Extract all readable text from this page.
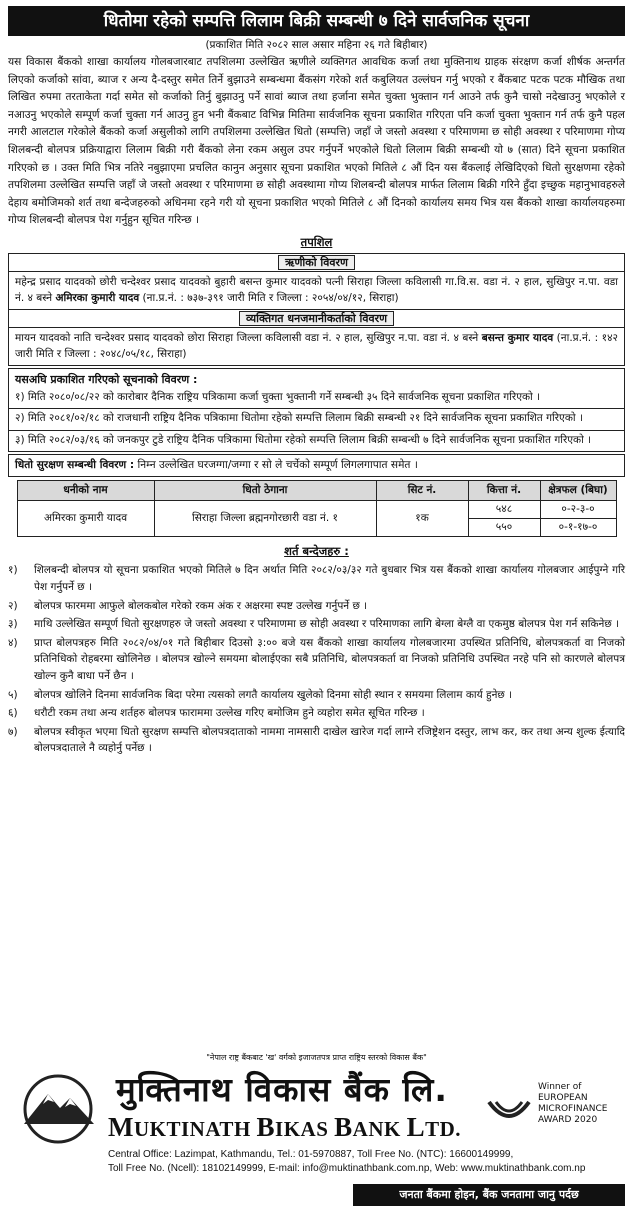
धितोमा रहेको सम्पत्ति लिलाम बिक्री सम्बन्धी ७ दिने सार्वजनिक सूचना
(प्रकाशित मिति २०८२ साल असार महिना २६ गते बिहीबार)
यस विकास बैंकको शाखा कार्यालय गोलबजारबाट तपशिलमा उल्लेखित ऋणीले व्यक्तिगत आवधिक कर्जा तथा मुक्तिनाथ ग्राहक संरक्षण कर्जा शीर्षक अन्तर्गत लिएको कर्जाको सांवा, ब्याज र अन्य दै-दस्तुर समेत तिर्ने बुझाउने सम्बन्धमा बैंकसंग गरेको शर्त कबुलियत उल्लंघन गर्नु भएको र बैंकबाट पटक पटक मौखिक तथा लिखित रुपमा तरताकेता गर्दा समेत सो कर्जाको तिर्नु बुझाउनु पर्ने सावां ब्याज तथा हर्जाना समेत चुक्ता भुक्तान गर्न आउने तर्फ कुनै चासो नदेखाउनु भएकोले र नआउनु भएकोले सम्पूर्ण कर्जा चुक्ता गर्न आउनु हुन भनी बैंकबाट विभिन्न मितिमा सार्वजनिक सूचना प्रकाशित गरिएता पनि कर्जा चुक्ता भुक्तान गर्न तर्फ कुनै पहल नगरी आलटाल गरेकोले बैंकको कर्जा असुलीको लागि तपशिलमा उल्लेखित धितो (सम्पत्ति) जहाँ जे जस्तो अवस्था र परिमाणमा छ सोही अवस्था र परिमाणमा गोप्य शिलबन्दी बोलपत्र प्रक्रियाद्वारा लिलाम बिक्री गरी बैंकको लेना रकम असुल उपर गर्नुपर्ने भएकोले धितो लिलाम बिक्री सम्बन्धी यो ७ (सात) दिने सूचना प्रकाशित गरिएको छ । उक्त मिति भित्र नतिरे नबुझाएमा प्रचलित कानुन अनुसार सूचना प्रकाशित भएको मितिले ८ औं दिन यस बैंकलाई लेखिदिएको धितो सुरक्षणमा रहेको तपशिलमा उल्लेखित सम्पत्ति जहाँ जे जस्तो अवस्था र परिमाणमा छ सोही अवस्थामा गोप्य शिलबन्दी बोलपत्र मार्फत लिलाम बिक्री गरिने हुँदा इच्छुक महानुभावहरुले देहाय बमोजिमको शर्त तथा बन्देजहरुको अधिनमा रहने गरी यो सूचना प्रकाशित भएको मितिले ८ औं दिनको कार्यालय समय भित्र यस बैंकको शाखा कार्यालयहरुमा गोप्य शिलबन्दी बोलपत्र पेश गर्नुहुन सूचित गरिन्छ ।
तपशिल
ऋणीको विवरण
महेन्द्र प्रसाद यादवको छोरी चन्देश्वर प्रसाद यादवको बुहारी बसन्त कुमार यादवको पत्नी सिराहा जिल्ला कविलासी गा.वि.स. वडा नं. २ हाल, सुखिपुर न.पा. वडा नं. ४ बस्ने अमिरका कुमारी यादव (ना.प्र.नं. : ७३७-३९१ जारी मिति र जिल्ला : २०५४/०४/१२, सिराहा)
व्यक्तिगत धनजमानीकर्ताको विवरण
मायन यादवको नाति चन्देश्वर प्रसाद यादवको छोरा सिराहा जिल्ला कविलासी वडा नं. २ हाल, सुखिपुर न.पा. वडा नं. ४ बस्ने बसन्त कुमार यादव (ना.प्र.नं. : १४२ जारी मिति र जिल्ला : २०४८/०५/१८, सिराहा)
यसअघि प्रकाशित गरिएको सूचनाको विवरण :
१) मिति २०८०/०८/२२ को कारोबार दैनिक राष्ट्रिय पत्रिकामा कर्जा चुक्ता भुक्तानी गर्ने सम्बन्धी ३५ दिने सार्वजनिक सूचना प्रकाशित गरिएको ।
२) मिति २०८१/०२/१८ को राजधानी राष्ट्रिय दैनिक पत्रिकामा धितोमा रहेको सम्पत्ति लिलाम बिक्री सम्बन्धी २१ दिने सार्वजनिक सूचना प्रकाशित गरिएको ।
३) मिति २०८२/०३/१६ को जनकपुर टुडे राष्ट्रिय दैनिक पत्रिकामा धितोमा रहेको सम्पत्ति लिलाम बिक्री सम्बन्धी ७ दिने सार्वजनिक सूचना प्रकाशित गरिएको ।
धितो सुरक्षण सम्बन्धी विवरण : निम्न उल्लेखित घरजग्गा/जग्गा र सो ले चर्चेको सम्पूर्ण लिगलगापात समेत ।
धनीको नाम	धितो ठेगाना	सिट नं.	कित्ता नं.	क्षेत्रफल (बिघा)
अमिरका कुमारी यादव	सिराहा जिल्ला ब्रह्मनगोरछारी वडा नं. १	१क	५४८	०-२-३-०
			५५०	०-१-१७-०
शर्त बन्देजहरु :
१)	शिलबन्दी बोलपत्र यो सूचना प्रकाशित भएको मितिले ७ दिन अर्थात मिति २०८२/०३/३२ गते बुधबार भित्र यस बैंकको शाखा कार्यालय गोलबजार आईपुग्ने गरि पेश गर्नुपर्ने छ ।
२)	बोलपत्र फारममा आफुले बोलकबोल गरेको रकम अंक र अक्षरमा स्पष्ट उल्लेख गर्नुपर्ने छ ।
३)	माथि उल्लेखित सम्पूर्ण धितो सुरक्षणहरु जे जस्तो अवस्था र परिमाणमा छ सोही अवस्था र परिमाणका लागि बेग्ला बेग्लै वा एकमुष्ठ बोलपत्र पेश गर्न सकिनेछ ।
४)	प्राप्त बोलपत्रहरु मिति २०८२/०४/०१ गते बिहीबार दिउसो ३:०० बजे यस बैंकको शाखा कार्यालय गोलबजारमा उपस्थित प्रतिनिधि, बोलपत्रकर्ता वा निजको प्रतिनिधिको रोहबरमा खोलिनेछ । बोलपत्र खोल्ने समयमा बोलाईएका सबै प्रतिनिधि, बोलपत्रकर्ता वा निजको प्रतिनिधि उपस्थित नरहे पनि सो कारणले बोलपत्र खोल्न कुनै बाधा पर्ने छैन ।
५)	बोलपत्र खोलिने दिनमा सार्वजनिक बिदा परेमा त्यसको लगतै कार्यालय खुलेको दिनमा सोही स्थान र समयमा लिलाम कार्य हुनेछ ।
६)	धरौटी रकम तथा अन्य शर्तहरु बोलपत्र फाराममा उल्लेख गरिए बमोजिम हुने व्यहोरा समेत सूचित गरिन्छ ।
७)	बोलपत्र स्वीकृत भएमा धितो सुरक्षण सम्पत्ति बोलपत्रदाताको नाममा नामसारी दाखेल खारेज गर्दा लाग्ने रजिष्ट्रेशन दस्तुर, लाभ कर, कर तथा अन्य शुल्क ईत्यादि बोलपत्रदाताले नै व्यहोर्नु पर्नेछ ।
"नेपाल राष्ट्र बैंकबाट 'ख' वर्गको इजाजतपत्र प्राप्त राष्ट्रिय स्तरको विकास बैंक"
मुक्तिनाथ विकास बैंक लि.
MUKTINATH BIKAS BANK LTD.
Winner of EUROPEAN MICROFINANCE AWARD 2020
Central Office: Lazimpat, Kathmandu, Tel.: 01-5970887, Toll Free No. (NTC): 16600149999,
Toll Free No. (Ncell): 18102149999, E-mail: info@muktinathbank.com.np, Web: www.muktinathbank.com.np
जनता बैंकमा होइन, बैंक जनतामा जानु पर्दछ
